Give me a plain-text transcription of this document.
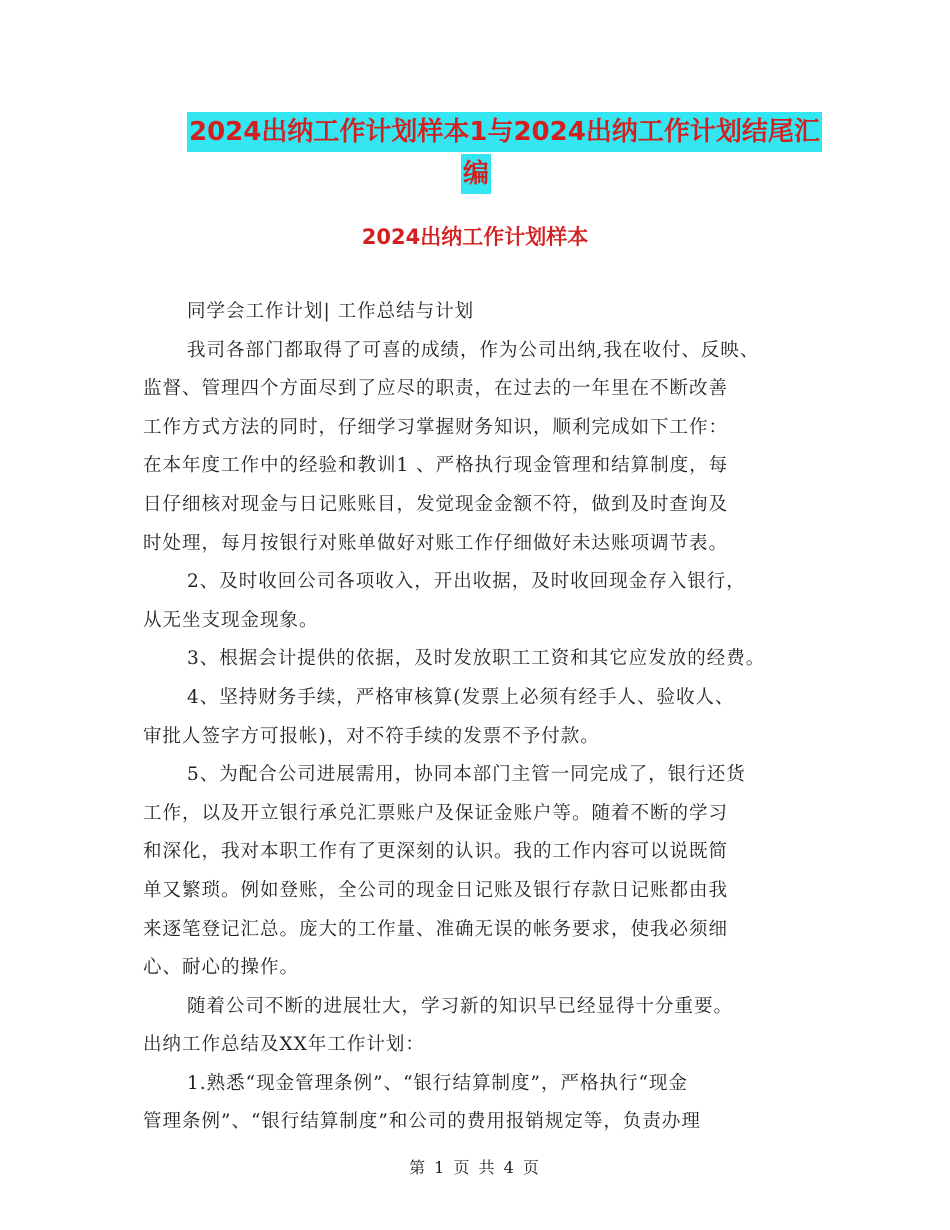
2024出纳工作计划样本1与2024出纳工作计划结尾汇
编
2024出纳工作计划样本
同学会工作计划| 工作总结与计划
我司各部门都取得了可喜的成绩，作为公司出纳,我在收付、反映、
监督、管理四个方面尽到了应尽的职责，在过去的一年里在不断改善
工作方式方法的同时，仔细学习掌握财务知识，顺利完成如下工作：
在本年度工作中的经验和教训1 、严格执行现金管理和结算制度，每
日仔细核对现金与日记账账目，发觉现金金额不符，做到及时查询及
时处理，每月按银行对账单做好对账工作仔细做好未达账项调节表。
2、及时收回公司各项收入，开出收据，及时收回现金存入银行，
从无坐支现金现象。
3、根据会计提供的依据，及时发放职工工资和其它应发放的经费。
4、坚持财务手续，严格审核算(发票上必须有经手人、验收人、
审批人签字方可报帐)，对不符手续的发票不予付款。
5、为配合公司进展需用，协同本部门主管一同完成了，银行还货
工作，以及开立银行承兑汇票账户及保证金账户等。随着不断的学习
和深化，我对本职工作有了更深刻的认识。我的工作内容可以说既简
单又繁琐。例如登账，全公司的现金日记账及银行存款日记账都由我
来逐笔登记汇总。庞大的工作量、准确无误的帐务要求，使我必须细
心、耐心的操作。
随着公司不断的进展壮大，学习新的知识早已经显得十分重要。
出纳工作总结及XX年工作计划：
1.熟悉“现金管理条例”、“银行结算制度”，严格执行“现金
管理条例”、“银行结算制度”和公司的费用报销规定等，负责办理
第 1 页 共 4 页
